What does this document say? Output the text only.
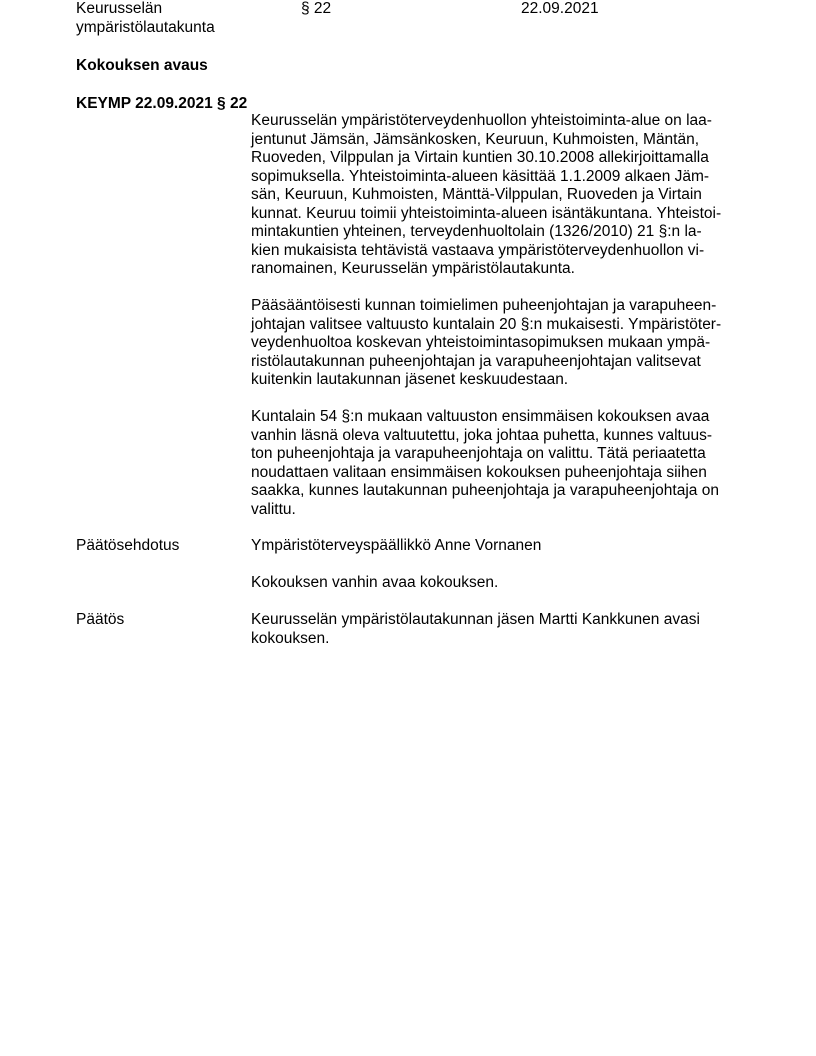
Keurusselän
ympäristölautakunta
§ 22	22.09.2021
Kokouksen avaus
KEYMP 22.09.2021 § 22
Keurusselän ympäristöterveydenhuollon yhteistoiminta-alue on laa-
jentunut Jämsän, Jämsänkosken, Keuruun, Kuhmoisten, Mäntän,
Ruoveden, Vilppulan ja Virtain kuntien 30.10.2008 allekirjoittamalla
sopimuksella. Yhteistoiminta-alueen käsittää 1.1.2009 alkaen Jäm-
sän, Keuruun, Kuhmoisten, Mänttä-Vilppulan, Ruoveden ja Virtain
kunnat. Keuruu toimii yhteistoiminta-alueen isäntäkuntana. Yhteistoi-
mintakuntien yhteinen, terveydenhuoltolain (1326/2010) 21 §:n la-
kien mukaisista tehtävistä vastaava ympäristöterveydenhuollon vi-
ranomainen, Keurusselän ympäristölautakunta.
Pääsääntöisesti kunnan toimielimen puheenjohtajan ja varapuheen-
johtajan valitsee valtuusto kuntalain 20 §:n mukaisesti. Ympäristöter-
veydenhuoltoa koskevan yhteistoimintasopimuksen mukaan ympä-
ristölautakunnan puheenjohtajan ja varapuheenjohtajan valitsevat
kuitenkin lautakunnan jäsenet keskuudestaan.
Kuntalain 54 §:n mukaan valtuuston ensimmäisen kokouksen avaa
vanhin läsnä oleva valtuutettu, joka johtaa puhetta, kunnes valtuus-
ton puheenjohtaja ja varapuheenjohtaja on valittu. Tätä periaatetta
noudattaen valitaan ensimmäisen kokouksen puheenjohtaja siihen
saakka, kunnes lautakunnan puheenjohtaja ja varapuheenjohtaja on
valittu.
Päätösehdotus	Ympäristöterveyspäällikkö Anne Vornanen
Kokouksen vanhin avaa kokouksen.
Päätös	Keurusselän ympäristölautakunnan jäsen Martti Kankkunen avasi
kokouksen.
